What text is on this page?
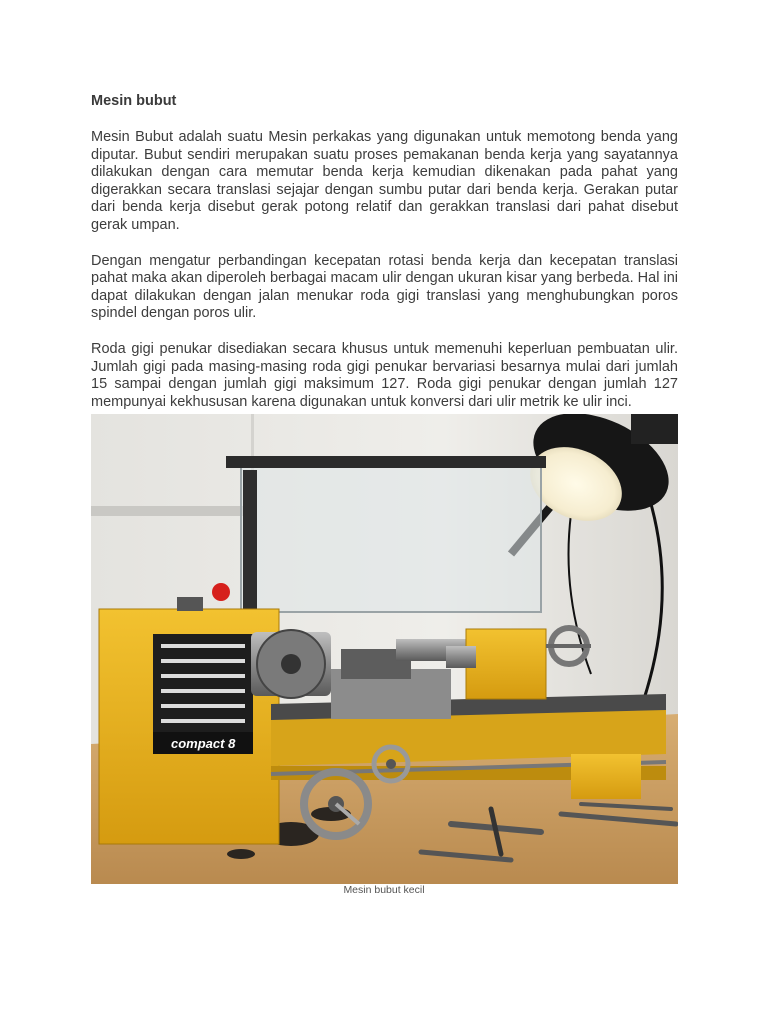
Mesin bubut

Mesin Bubut adalah suatu Mesin perkakas yang digunakan untuk memotong benda yang diputar. Bubut sendiri merupakan suatu proses pemakanan benda kerja yang sayatannya dilakukan dengan cara memutar benda kerja kemudian dikenakan pada pahat yang digerakkan secara translasi sejajar dengan sumbu putar dari benda kerja. Gerakan putar dari benda kerja disebut gerak potong relatif dan gerakkan translasi dari pahat disebut gerak umpan.

Dengan mengatur perbandingan kecepatan rotasi benda kerja dan kecepatan translasi pahat maka akan diperoleh berbagai macam ulir dengan ukuran kisar yang berbeda. Hal ini dapat dilakukan dengan jalan menukar roda gigi translasi yang menghubungkan poros spindel dengan poros ulir.

Roda gigi penukar disediakan secara khusus untuk memenuhi keperluan pembuatan ulir. Jumlah gigi pada masing-masing roda gigi penukar bervariasi besarnya mulai dari jumlah 15 sampai dengan jumlah gigi maksimum 127. Roda gigi penukar dengan jumlah 127 mempunyai kekhususan karena digunakan untuk konversi dari ulir metrik ke ulir inci.

compact 8
Mesin bubut kecil
